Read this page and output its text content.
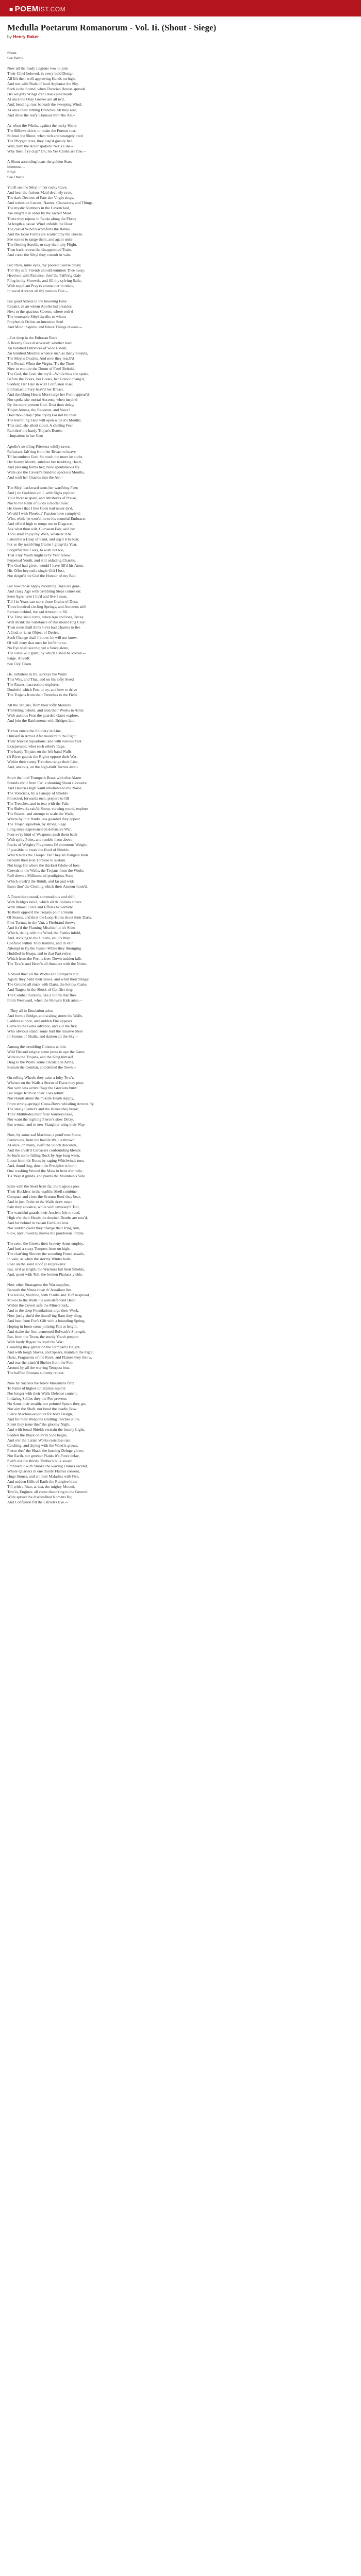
■ POEMIST.COM
Medulla Poetarum Romanorum - Vol. Ii. (Shout - Siege)
by Henry Baker
Shout.
See Battle.

Now all the ready Legions vow to join
Their Chief beloved, in every bold Design:
All lift their well-approving Hands on high,
And test with Peals of loud Applause the Sky.
Such is the Sound, when Thracian Boreas spreads
His weighty Wings o'er Ossa's pine heads:
At once the Ossy Groves are all to'd,
And, bending, roar beneath the sweeping Wind;
At once their rattling Branches All they rear,
And drive the leafy Clamour thro' the Air.--

As when the Winds, against the rocky Shore
The Billows drive, or make the Forests roar,
So loud the Shout, when rich and strangely bred
The Phryger cries, they clap'd greatly bed,
Well, hath the Actor spoken? Nor a Line--
Why then if ye clap? Oh, So Yes Cloths are fine.--

A Shout ascending beats the golden Stars
immense.--
Sibyl.
See Oracle.

You'll see the Sibyl in her rocky Cave,
And hear the furious Maid devinely rave.
The dark Decrees of Fate she Virgin sings,
And writes on Leaves, Names, Characters, and Things.
The mystic Numbers in the Cavern laid,
Are rang'd it in order by the sacred Maid.
There they repose in Ranks along the Floor;
At length a casual Wind unfolds the Door:
The casual Wind discomforts the Ranks,
And the loose Forms are scatter'd by the Breeze.
She scorns to range them, and again unite
The fleeting Scrolls, or stay their airy Flight.
Then back retreat the disappointed Train,
And curse the Sibyl they consult in vain.

But Thou, mine eyes, thy poured Course delay;
Tho' thy safe Friends should summon Thee away.
Heed not with Patience, thro' the Fall'ring Gale
Fling in thy Shrowds, and fill thy sylving Sails:
With suppliant Pray'rs entreat her to relate,
In vocal Accents all thy various Fate.--

But good Aineas to the towering Fane
Repairs, in air whom Apollo hid presides:
Next to the spacious Cavern, where retir'd
The venerable Sibyl dwells; to whom
Prophetick Delius an intensive Soul
And Mind inspires, and future Things reveals.--

--Cut deep in the Eubosan Rock
A Roomy Cave discovered: whether lead
An hundred Entrances of wide Extent,
An hundred Mouths: whence rush as many Sounds,
The Sibyl's Oracles. And now they reach'd
The Portal: When the Virgin, 'Tis the Time
Now to enquire the Doom of Fate! Behold,
The God, the God, she cry'd.--While thus she spoke,
Before the Doors, her Looks, her Colour chang'd,
Sudden; Her Hair in wild Confusion rose;
Enthusiastic Fury heav'd her Breast,
And throbbing Heart: More large her Form appear'd:
Nor spoke she mortal Accents: when inspir'd
By the more present God. Dost thou delay,
Trojan Aineas, thy Requests, and Vows?
Dost thou delay? (the cry'd) For not till then
The trembling Fane will open wide it's Mouths.
This said, she silent stood. A chilling Fear
Ran thro' the hardy Trojan's Bones;--
--Impatient in her Grot

Apollo's swelling Priestess wildly raves;
Reluctant, lab'ring from her Breast to heave
Th' incumbent God: So much the more he curbs
Her foamy Mouth, subdues her troubling Heart,
And pressing forms her; Now spontaneous fly
Wide ope the Cavern's hundred spacious Mouths,
And waft her Oracles into the Air.--

The Sibyl backward turns her ward'ring Feet;
And ( no Goddess am I, with Sighs replies:
Your Incense spare, and Attributes of Praise,
Nor to the Rank of Gods a mortal raise.
He knows that I like Gods had never dy'd,
Would I with Phoebus' Passion have comply'd:
Who, while he woo'd me to his scornful Embrace,
And offer'd high to tempt me to Disgrace,
Ask what thou wilt, Cumaean Fair, said he:
Thou shalt enjoy thy Wish, whate'er it be.
I snatch'd a Heap of Sand, and urg'd it to bear,
For as thy numb'ring Grains I grasp'd a Year,
Forgetful that I was, to wish not too,
That I my Youth might ev'ry Year renew!
Perpetual Youth, and still unfading Charms,
The God had given, would I have fill'd his Arms.
His Offer beyond a single Gift I lost,
Nor deign'd the God the Honour of my Bed.

But now those happy blooming Days are gone,
And crazy Age with trembling Steps comes on:
Seen Ages have I liv'd and live I must,
Till I in Years can store those Grains of Dust;
Three hundred circling Springs, and Autumns still
Remain behind, the sad Amount to fill.
The Time shall come, when Age and long Decay
Will shrink the Substance of this mould'ring Clay:
Then none shall think I e'er had Charms to fire
A God, or ia an Object of Desire.
Such Change shall I know; he will not know,
Of will deny that once he lov'd me so.
No Eye shall see me; yet a Voice alone,
The Fates will grant, by which I shall be known.--
Saige. Aovedt.
See City Taken.

He, turbulent in Ire, surveys the Walls
This Way, and That, and on his lofty Steed
The Passes inaccessible explores:
Doubtful which Post to try, and how to drive
The Trojans from their Trenches to the Field.

All the Trojans, from their lofty Mounds
Trembling behold, and man their Works in Arms:
With anxious Fear the guarded Gates explore,
And join the Battlements with Bridges laid.

Turnus enters the Soldiery in Line,
Himself in Armor Afar mustard to the Fight:
Their bravest Squadrons: and with various Talk
Exasperated, whet each other's Rage.
The hardy Trojans on the left-hand Walls
(A River guards the Right) oppose their War:
Within their sunny Trenches range their Line,
And, anxious, on the high-built Turrets await.

Strait the loud Trumpet's Brass with dire Alarm
Sounds shrill from Far: a shouting Shout succeeds:
And Heav'n's high Vault rebellows to the Noise.
The Volscians, by a Canopy of Shields
Protected, forwards rush, prepare to fill
The Trenches, and to tear with the Pale.
The Bulwarks rais'd: Some, viewing round, explore
The Passes: and attempt to scale the Walls,
Where by thin Ranks less guarded they appear.
The Trojan squadron, by strong Siege
Long since experienc'd in defensive War,
Pour ev'ry kind of Weapons: push them back
With spiky Poles, and tumble from above
Rocks of Weighty Fragments Of enormous Weight;
If possible to break the Roof of Shields
Which hides the Troops: Yet They all Dangers shun
Beneath their iron Tortoise to sustain.
Not long; for where the thickest Globe of foes
Crowds to the Walls, the Trojans from the Works
Roll down a Millstone of prodigious Size;
Which crush'd the Rutuli, and far and wide
Burst thro' the Clorling which their Armour form'd.

A Town there stood, commodious and shift
With Bridges rais'd, which all th' Italians strove
With utmost Force and Efforts to o'erturn:
To them oppos'd the Trojans pour a Storm
Of Stones, and thro' the Loop-Holes shoot their Darts.
First Turnus, in the Van, a Firebrand threw;
And fix'd the Flaming Mischief to it's Side:
Which, rising with the Wind, the Planks infold,
And, sticking to the Lintels, eat it's Way.
Confus'd within They tremble, and in vain
Attempt to fly the Ruin:--While they thronging
Huddled in Heaps, and to that Part retire,
Which from the Pest is free: Down sudden falls
The Tow'r: and Heav'n all thunders with the Noise.

A Shout thro' all the Works and Ramparts run
Again: they bend their Bows, and whirl their Slings:
The Ground all stuck with Darts, the hollow Casks
And Targets in the Shock of Conflict ring:
The Combat thickens, like a Storm that flies
From Westward, when the Showr's Kids arise.--

--They all in Emulation arise,
And form a Bridge, and scaling storm the Walls.
Ladders at once, and sudden Fire appears
Come to the Gates advance, and kill the first
Who obvious stand: some hurl the missive Steel
In Storms of Shafts, and darken all the Sky:--

Among the trembling Citizens within
Wild Discord reigns: some press to ope the Gates
Wide to the Trojans, and the King himself
Drag to the Walls: some circulate in Arms,
Sustain the Combat, and defend the Town.--

On rolling Wheels they raise a lofty Tow'r,
Whence on the Walls a Storm of Darts they pour.
Nor with less active Rage the Grecians burn:
But larger Rum on their Foes return:
Nor Hands alone the missile Death supply,
From strong-spring'd Cross-Bows whistling Arrows fly.
The steely Cornel's and the Bones they break;
Thro' Multitudes their fatal Journeys take,
Nor want the ing'ning Pierce's slow Delay,
But wound, and in new Slaughter wing their Way.

Now, by some sad Machine, a pond'rous Stone,
Pernicious, from the hostile Wall is thrown:
At once, on many, swift the Shock descends,
And the crush'd Carcasses confounding blends:
So hurls some falling Rock by Age long worn,
Loose from it's Roots by raging Whirlwinds torn,
And, thund'ring, down the Precipice is born:
One crashing Wound the Mass in bent o'er rolls;
Tis 'Way it grinds, and plants the Mountain's Side.

Spite with the Steel from far, the Legions pres
Their Bucklers in the warlike Shell combine:
Compact and close the Scutum Roof they bear,
And in just Order to the Walls draw near:
Safe they advance, while with unweary'd Toil,
The watchful guards their Ancient Isle to rend.
High o'er their Heads the destin'd Deaths are toss'd,
And far behind in vacant Earth are lost.
Nor sudden could they change their Iring Aim,
Slow, and unwieldy moves the ponderous Frame.

The seen, the Greeks their brawny Arms employ,
And hurl a crazy Tempest from on high:
The clatt'ring Shower the sounding Fence assails,
In vain, as when the stormy Winter hails,
Roar on the solid Roof at all prevails:
But, tir'd at length, the Warriors fall their Shields,
And, spent with Toil, the broken Phalanx yields.

Now other Stratagems the War supplies,
Beneath the Vinea close th' Assailant lies:
The toiling Machine, with Planks and Turf bespread,
Moves to the Walls it's well-defended Head:
Within the Covert safe the Miners lurk,
And to the deep Foundations urge their Work.
Now justly aim'd the thund'ring Ram they sling,
And beat from Foe's Gift with a bounding Spring;
Hoping in loose some jointing Part at length,
And shake the firm-cemented Bulwark's Strength.
But, from the Town, the sturdy Youth prepare
With hardy Rigour to repel the War:
Crouding they gather on the Rampart's Height,
And with tough Staves, and Spears, maintain the Fight:
Darts, Fragments of the Rock, and Flames they throw,
And tear the plank'd Shelter from the Foe:
Around by all the warring Tempest beat,
The baffled Romans sullenly retreat.

Now by Success the brave Massilians fir'd,
To Fame of higher Enterprize aspir'd:
Nor longer with their Walls Defence content,
In daring Sallies they the Foe prevent:
No Arms their stealth, nor pointed Spears they go,
Nor aim the Shaft, nor bend the deadly Bow:
Fierce Machine-sulphurs for bold Design,
And for their Weapons kindling Torches shine.
Silent they issue thro' the gloomy Night,
And with broad Shields restrain the beamy Light,
Sudden the Blaze on ev'ry Side began,
And o'er the Latian Works resistless ran:
Catching, and drying with the Wind it grows,
Fierce thro' the Shade the burning Deluge glows:
Nor Earth, nor greener Planks it's Force delay,
Swift o'er the thirsty Timber's bulk away:
Embrued it with Smoke the waving Flames ascend,
Whole Quarters in one thirsty Flames consent,
Huge Stones, and all their Maladies with Fire,
And sudden Hills of Earth the Rampire hide;
Till with a Roar, at last, the mighty Mound,
Tow'rs, Engines, all come thund'ring to the Ground:
Wide spread the discomfited Romans fly;
And Confusion fill the Citizen's Eye.--
